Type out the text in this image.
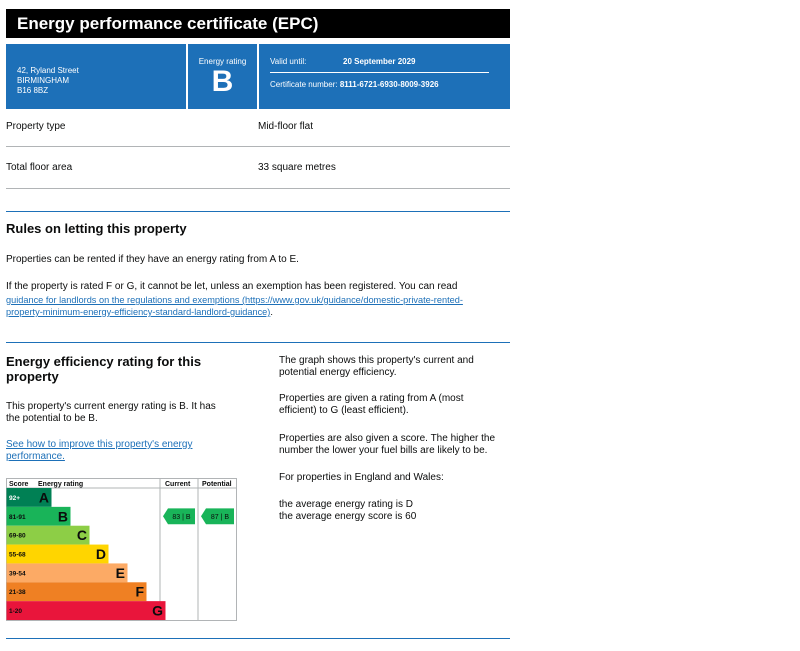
Energy performance certificate (EPC)
42, Ryland Street
BIRMINGHAM
B16 8BZ
Energy rating
B
Valid until:	20 September 2029
Certificate number: 8111-6721-6930-8009-3926
Property type	Mid-floor flat
Total floor area	33 square metres
Rules on letting this property
Properties can be rented if they have an energy rating from A to E.
If the property is rated F or G, it cannot be let, unless an exemption has been registered. You can read
guidance for landlords on the regulations and exemptions (https://www.gov.uk/guidance/domestic-private-rented-
property-minimum-energy-efficiency-standard-landlord-guidance).
Energy efficiency rating for this
property
This property's current energy rating is B. It has
the potential to be B.
See how to improve this property's energy
performance.
The graph shows this property's current and
potential energy efficiency.
Properties are given a rating from A (most
efficient) to G (least efficient).
Properties are also given a score. The higher the
number the lower your fuel bills are likely to be.
For properties in England and Wales:
the average energy rating is D
the average energy score is 60
Score Energy rating	Current Potential
92+ A
81-91 B
69-80	C
55-68	D
39-54	E
21-38	F
1-20	G
83 | B	87 | B
